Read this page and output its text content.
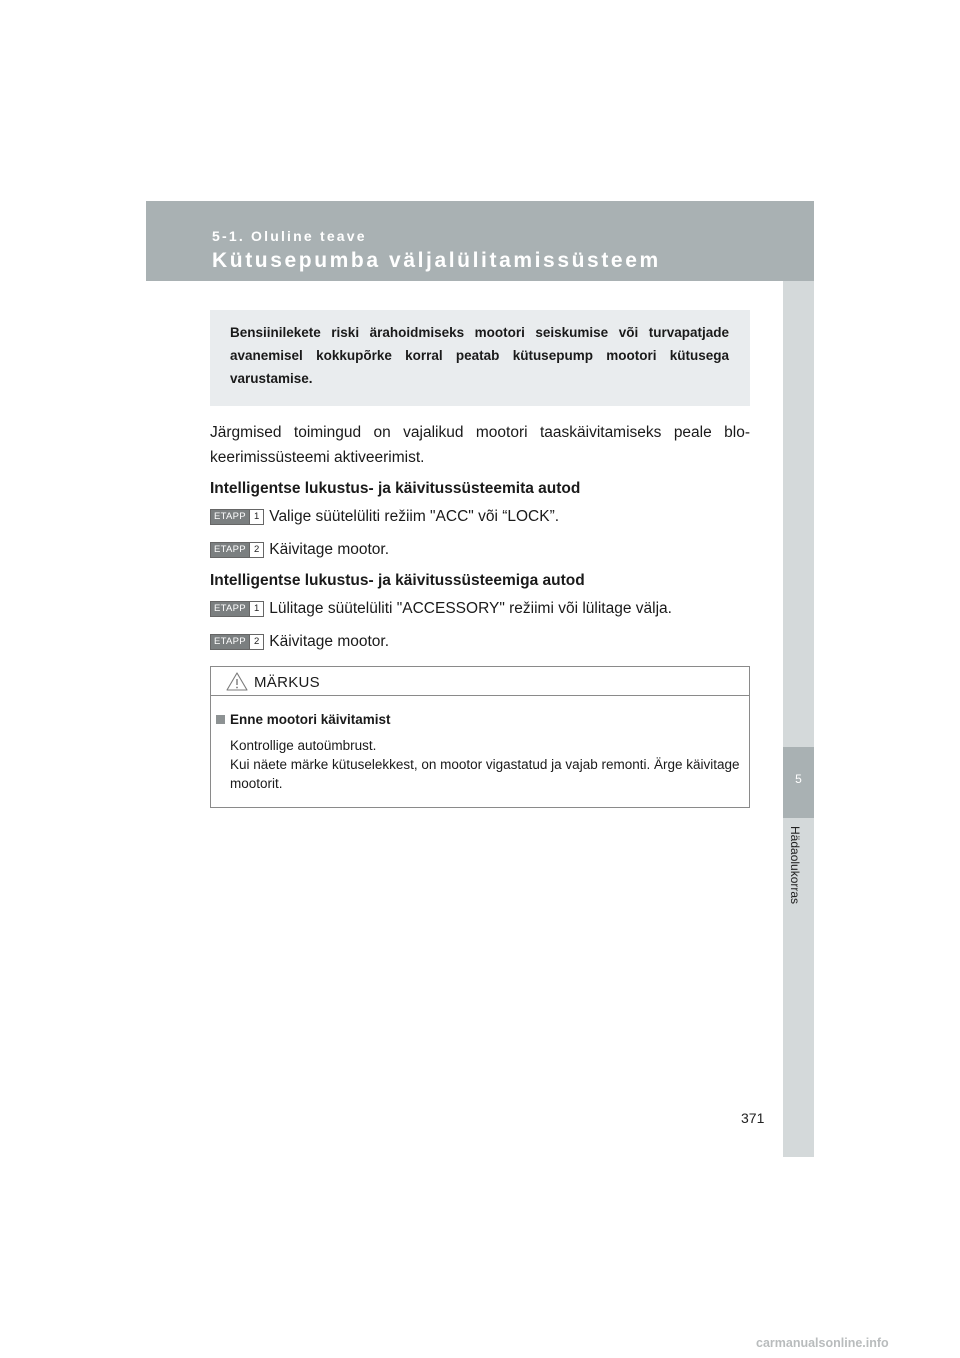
5-1. Oluline teave
Kütusepumba väljalülitamissüsteem
5
Hädaolukorras

Bensiinilekete riski ärahoidmiseks mootori seiskumise või turvapatjade avanemisel kokkupõrke korral peatab kütusepump mootori kütusega varustamise.

Järgmised toimingud on vajalikud mootori taaskäivitamiseks peale blokeerimissüsteemi aktiveerimist.

Intelligentse lukustus- ja käivitussüsteemita autod

ETAPP 1 Valige süütelüliti režiim "ACC" või “LOCK”.

ETAPP 2 Käivitage mootor.

Intelligentse lukustus- ja käivitussüsteemiga autod

ETAPP 1 Lülitage süütelüliti "ACCESSORY" režiimi või lülitage välja.

ETAPP 2 Käivitage mootor.

MÄRKUS
Enne mootori käivitamist

Kontrollige autoümbrust.
Kui näete märke kütuselekkest, on mootor vigastatud ja vajab remonti. Ärge käivitage mootorit.

371
carmanualsonline.info
